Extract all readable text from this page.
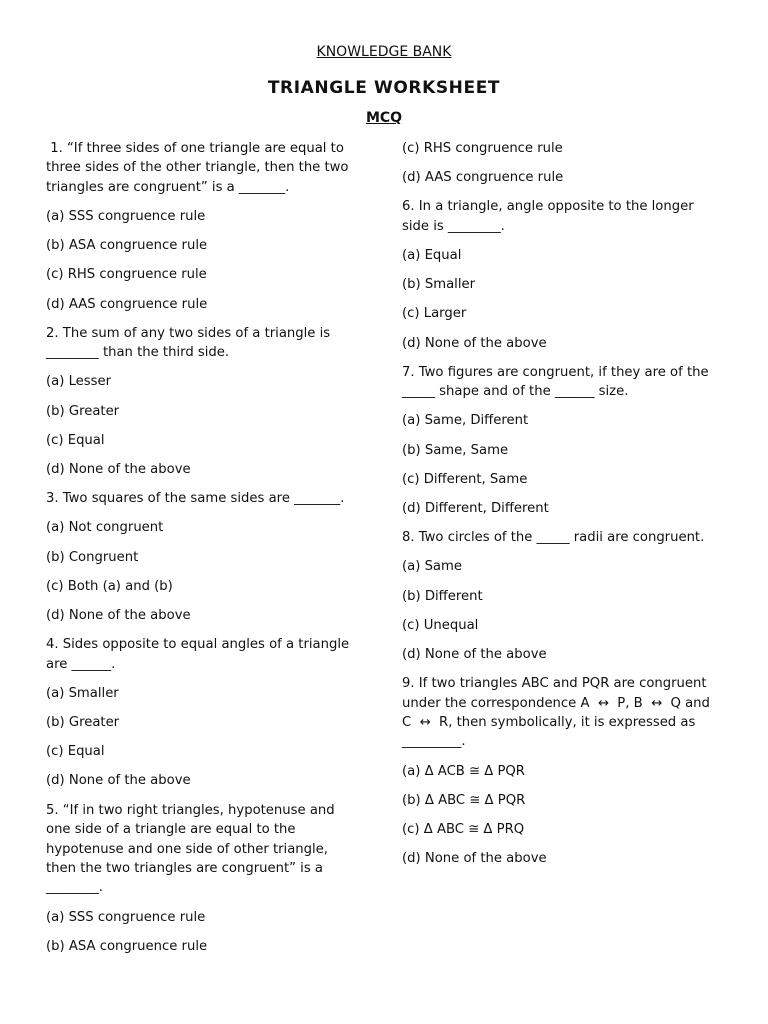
KNOWLEDGE BANK
TRIANGLE WORKSHEET
MCQ
1. “If three sides of one triangle are equal to three sides of the other triangle, then the two triangles are congruent” is a _______.
(a) SSS congruence rule
(b) ASA congruence rule
(c) RHS congruence rule
(d) AAS congruence rule
2. The sum of any two sides of a triangle is ________ than the third side.
(a) Lesser
(b) Greater
(c) Equal
(d) None of the above
3. Two squares of the same sides are _______.
(a) Not congruent
(b) Congruent
(c) Both (a) and (b)
(d) None of the above
4. Sides opposite to equal angles of a triangle are ______.
(a) Smaller
(b) Greater
(c) Equal
(d) None of the above
5. “If in two right triangles, hypotenuse and one side of a triangle are equal to the hypotenuse and one side of other triangle, then the two triangles are congruent” is a ________.
(a) SSS congruence rule
(b) ASA congruence rule
(c) RHS congruence rule
(d) AAS congruence rule
6. In a triangle, angle opposite to the longer side is ________.
(a) Equal
(b) Smaller
(c) Larger
(d) None of the above
7. Two figures are congruent, if they are of the _____ shape and of the ______ size.
(a) Same, Different
(b) Same, Same
(c) Different, Same
(d) Different, Different
8. Two circles of the _____ radii are congruent.
(a) Same
(b) Different
(c) Unequal
(d) None of the above
9. If two triangles ABC and PQR are congruent under the correspondence A  ↔  P, B  ↔  Q and C  ↔  R, then symbolically, it is expressed as _________.
(a) Δ ACB ≅ Δ PQR
(b) Δ ABC ≅ Δ PQR
(c) Δ ABC ≅ Δ PRQ
(d) None of the above
